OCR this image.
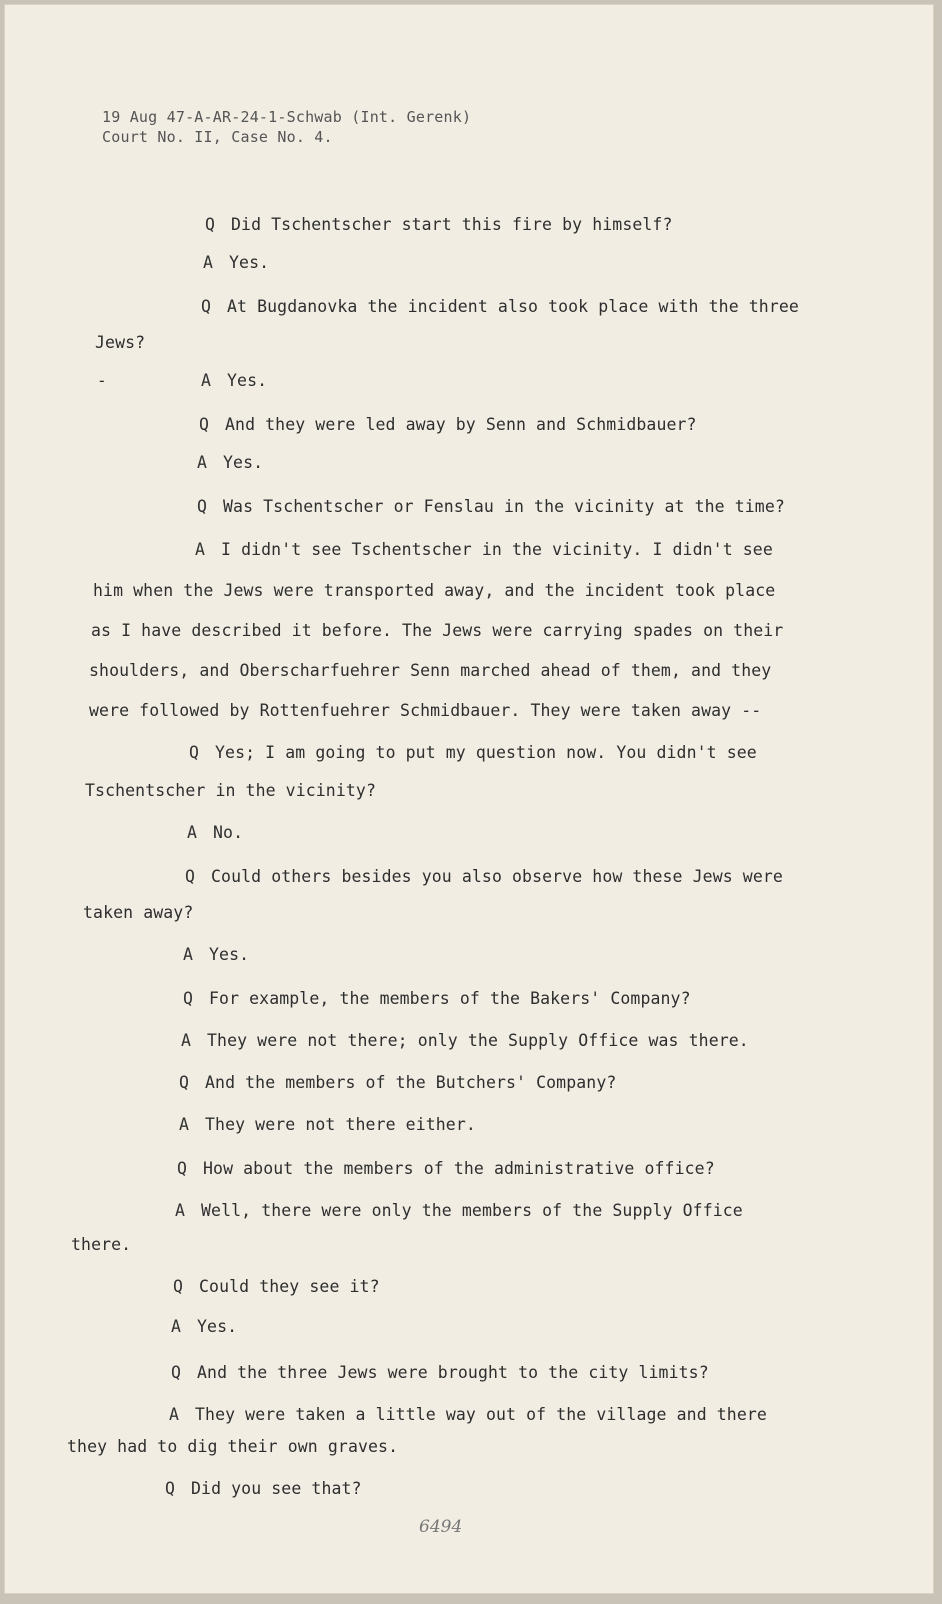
19 Aug 47-A-AR-24-1-Schwab (Int. Gerenk)
Court No. II, Case No. 4.
-
Q Did Tschentscher start this fire by himself?
A Yes.
Q At Bugdanovka the incident also took place with the three
Jews?
A Yes.
Q And they were led away by Senn and Schmidbauer?
A Yes.
Q Was Tschentscher or Fenslau in the vicinity at the time?
A I didn't see Tschentscher in the vicinity. I didn't see
him when the Jews were transported away, and the incident took place
as I have described it before. The Jews were carrying spades on their
shoulders, and Oberscharfuehrer Senn marched ahead of them, and they
were followed by Rottenfuehrer Schmidbauer. They were taken away --
Q Yes; I am going to put my question now. You didn't see
Tschentscher in the vicinity?
A No.
Q Could others besides you also observe how these Jews were
taken away?
A Yes.
Q For example, the members of the Bakers' Company?
A They were not there; only the Supply Office was there.
Q And the members of the Butchers' Company?
A They were not there either.
Q How about the members of the administrative office?
A Well, there were only the members of the Supply Office
there.
Q Could they see it?
A Yes.
Q And the three Jews were brought to the city limits?
A They were taken a little way out of the village and there
they had to dig their own graves.
Q Did you see that?
6494
